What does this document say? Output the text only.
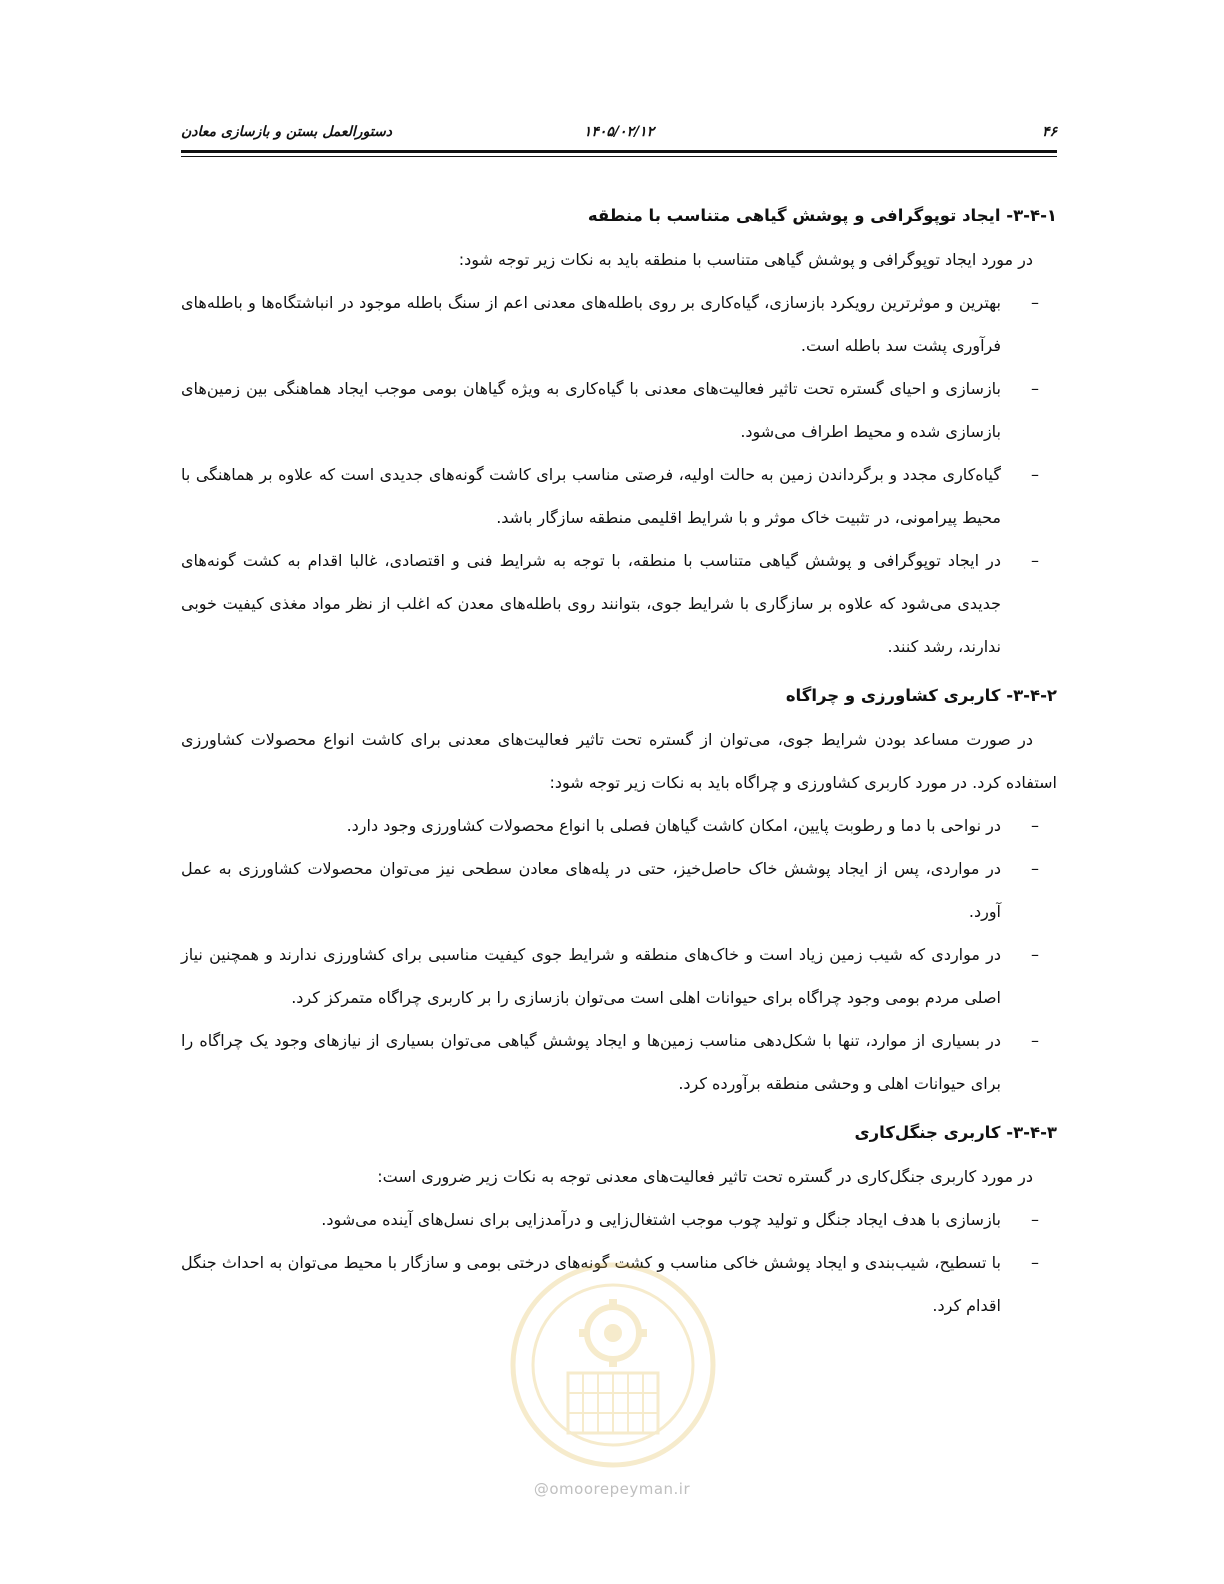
۴۶
۱۴۰۵/۰۲/۱۲
دستورالعمل بستن و بازسازی معادن
۳-۴-۱- ایجاد توپوگرافی و پوشش گیاهی متناسب با منطقه

در مورد ایجاد توپوگرافی و پوشش گیاهی متناسب با منطقه باید به نکات زیر توجه شود:

–
بهترین و موثرترین رویکرد بازسازی، گیاه‌کاری بر روی باطله‌های معدنی اعم از سنگ باطله موجود در انباشتگاه‌ها و باطله‌های فرآوری پشت سد باطله است.
–
بازسازی و احیای گستره تحت تاثیر فعالیت‌های معدنی با گیاه‌کاری به ویژه گیاهان بومی موجب ایجاد هماهنگی بین زمین‌های بازسازی شده و محیط اطراف می‌شود.
–
گیاه‌کاری مجدد و برگرداندن زمین به حالت اولیه، فرصتی مناسب برای کاشت گونه‌های جدیدی است که علاوه بر هماهنگی با محیط پیرامونی، در تثبیت خاک موثر و با شرایط اقلیمی منطقه سازگار باشد.
–
در ایجاد توپوگرافی و پوشش گیاهی متناسب با منطقه، با توجه به شرایط فنی و اقتصادی، غالبا اقدام به کشت گونه‌های جدیدی می‌شود که علاوه بر سازگاری با شرایط جوی، بتوانند روی باطله‌های معدن که اغلب از نظر مواد مغذی کیفیت خوبی ندارند، رشد کنند.
۳-۴-۲- کاربری کشاورزی و چراگاه

در صورت مساعد بودن شرایط جوی، می‌توان از گستره تحت تاثیر فعالیت‌های معدنی برای کاشت انواع محصولات کشاورزی استفاده کرد. در مورد کاربری کشاورزی و چراگاه باید به نکات زیر توجه شود:

–
در نواحی با دما و رطوبت پایین، امکان کاشت گیاهان فصلی با انواع محصولات کشاورزی وجود دارد.
–
در مواردی، پس از ایجاد پوشش خاک حاصل‌خیز، حتی در پله‌های معادن سطحی نیز می‌توان محصولات کشاورزی به عمل آورد.
–
در مواردی که شیب زمین زیاد است و خاک‌های منطقه و شرایط جوی کیفیت مناسبی برای کشاورزی ندارند و همچنین نیاز اصلی مردم بومی وجود چراگاه برای حیوانات اهلی است می‌توان بازسازی را بر کاربری چراگاه متمرکز کرد.
–
در بسیاری از موارد، تنها با شکل‌دهی مناسب زمین‌ها و ایجاد پوشش گیاهی می‌توان بسیاری از نیازهای وجود یک چراگاه را برای حیوانات اهلی و وحشی منطقه برآورده کرد.
۳-۴-۳- کاربری جنگل‌کاری

در مورد کاربری جنگل‌کاری در گستره تحت تاثیر فعالیت‌های معدنی توجه به نکات زیر ضروری است:

–
بازسازی با هدف ایجاد جنگل و تولید چوب موجب اشتغال‌زایی و درآمدزایی برای نسل‌های آینده می‌شود.
–
با تسطیح، شیب‌بندی و ایجاد پوشش خاکی مناسب و کشت گونه‌های درختی بومی و سازگار با محیط می‌توان به احداث جنگل اقدام کرد.
@omoorepeyman.ir
